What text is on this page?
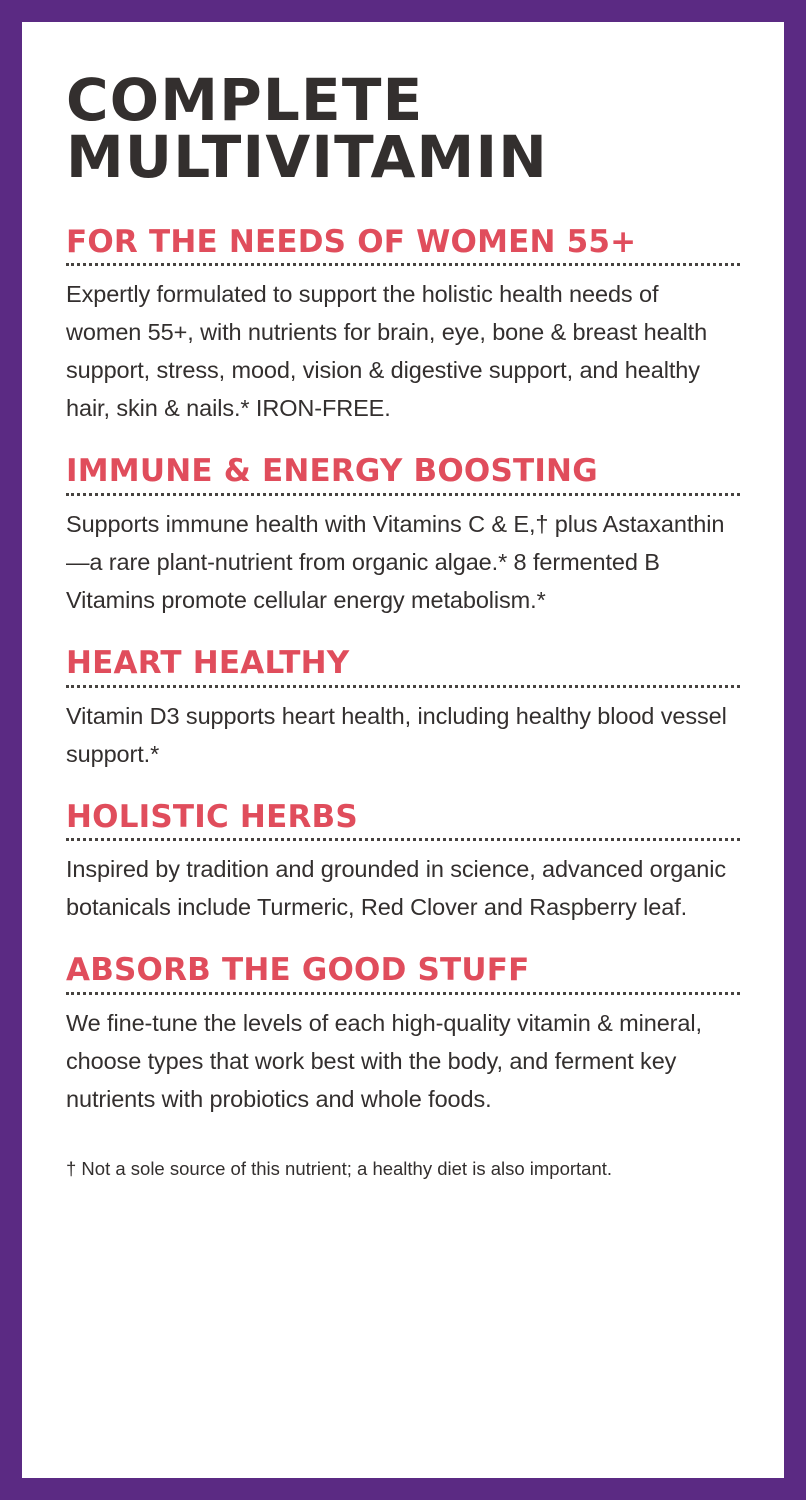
COMPLETE
MULTIVITAMIN
FOR THE NEEDS OF WOMEN 55+

Expertly formulated to support the holistic health needs of women 55+, with nutrients for brain, eye, bone & breast health support, stress, mood, vision & digestive support, and healthy hair, skin & nails.* IRON-FREE.

IMMUNE & ENERGY BOOSTING

Supports immune health with Vitamins C & E,† plus Astaxanthin—a rare plant-nutrient from organic algae.* 8 fermented B Vitamins promote cellular energy metabolism.*

HEART HEALTHY

Vitamin D3 supports heart health, including healthy blood vessel support.*

HOLISTIC HERBS

Inspired by tradition and grounded in science, advanced organic botanicals include Turmeric, Red Clover and Raspberry leaf.

ABSORB THE GOOD STUFF

We fine-tune the levels of each high-quality vitamin & mineral, choose types that work best with the body, and ferment key nutrients with probiotics and whole foods.

† Not a sole source of this nutrient; a healthy diet is also important.
